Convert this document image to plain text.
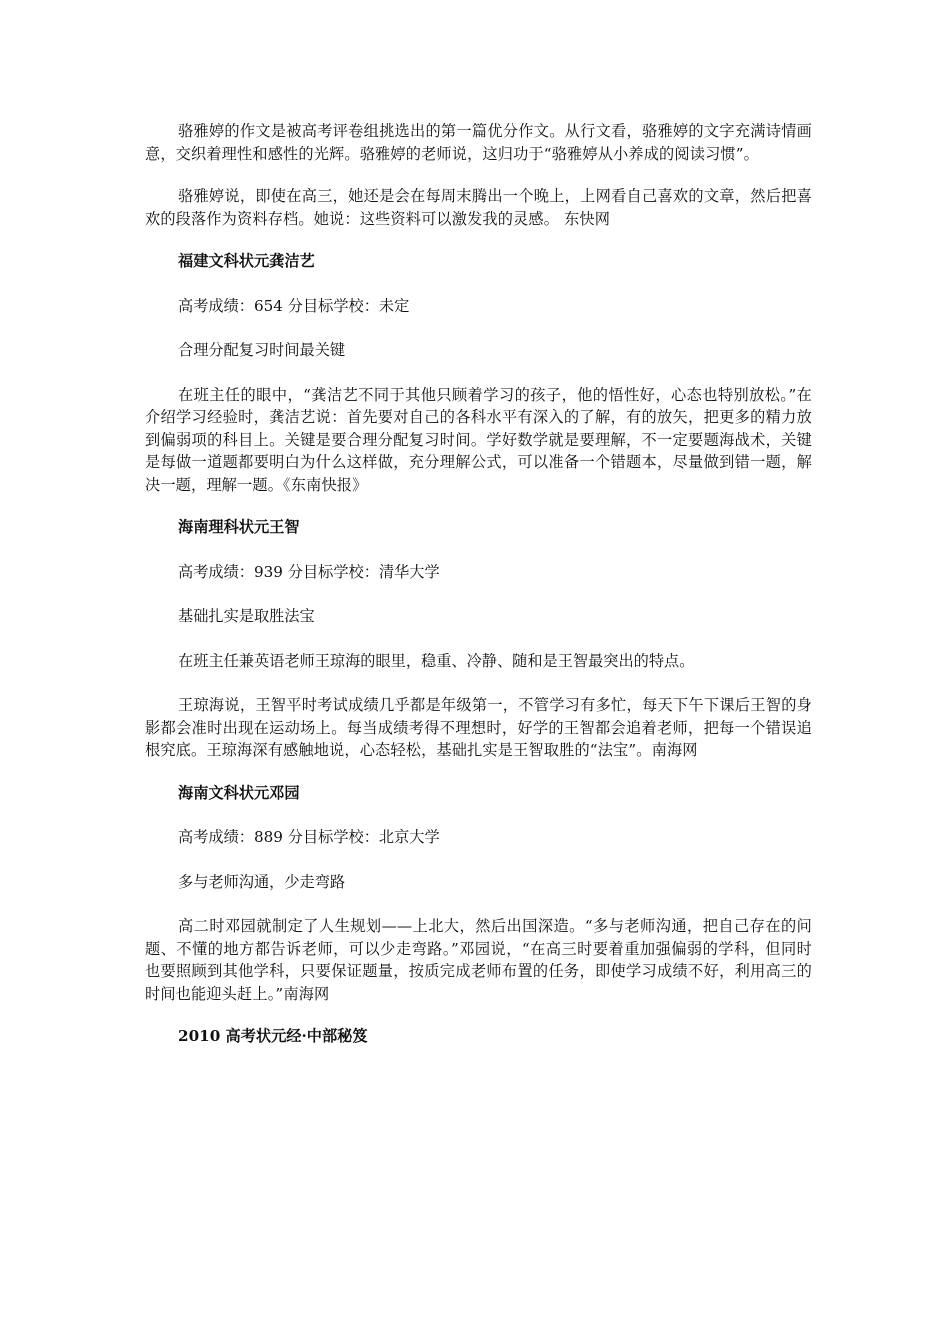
骆雅婷的作文是被高考评卷组挑选出的第一篇优分作文。从行文看，骆雅婷的文字充满诗情画意，交织着理性和感性的光辉。骆雅婷的老师说，这归功于“骆雅婷从小养成的阅读习惯”。

骆雅婷说，即使在高三，她还是会在每周末腾出一个晚上，上网看自己喜欢的文章，然后把喜欢的段落作为资料存档。她说：这些资料可以激发我的灵感。 东快网

福建文科状元龚洁艺

高考成绩：654 分目标学校：未定

合理分配复习时间最关键

在班主任的眼中，“龚洁艺不同于其他只顾着学习的孩子，他的悟性好，心态也特别放松。”在介绍学习经验时，龚洁艺说：首先要对自己的各科水平有深入的了解，有的放矢，把更多的精力放到偏弱项的科目上。关键是要合理分配复习时间。学好数学就是要理解，不一定要题海战术，关键是每做一道题都要明白为什么这样做，充分理解公式，可以准备一个错题本，尽量做到错一题，解决一题，理解一题。《东南快报》

海南理科状元王智

高考成绩：939 分目标学校：清华大学

基础扎实是取胜法宝

在班主任兼英语老师王琼海的眼里，稳重、冷静、随和是王智最突出的特点。

王琼海说，王智平时考试成绩几乎都是年级第一，不管学习有多忙，每天下午下课后王智的身影都会准时出现在运动场上。每当成绩考得不理想时，好学的王智都会追着老师，把每一个错误追根究底。王琼海深有感触地说，心态轻松，基础扎实是王智取胜的“法宝”。南海网

海南文科状元邓园

高考成绩：889 分目标学校：北京大学

多与老师沟通，少走弯路

高二时邓园就制定了人生规划——上北大，然后出国深造。“多与老师沟通，把自己存在的问题、不懂的地方都告诉老师，可以少走弯路。”邓园说，“在高三时要着重加强偏弱的学科，但同时也要照顾到其他学科，只要保证题量，按质完成老师布置的任务，即使学习成绩不好，利用高三的时间也能迎头赶上。”南海网

2010 高考状元经·中部秘笈
